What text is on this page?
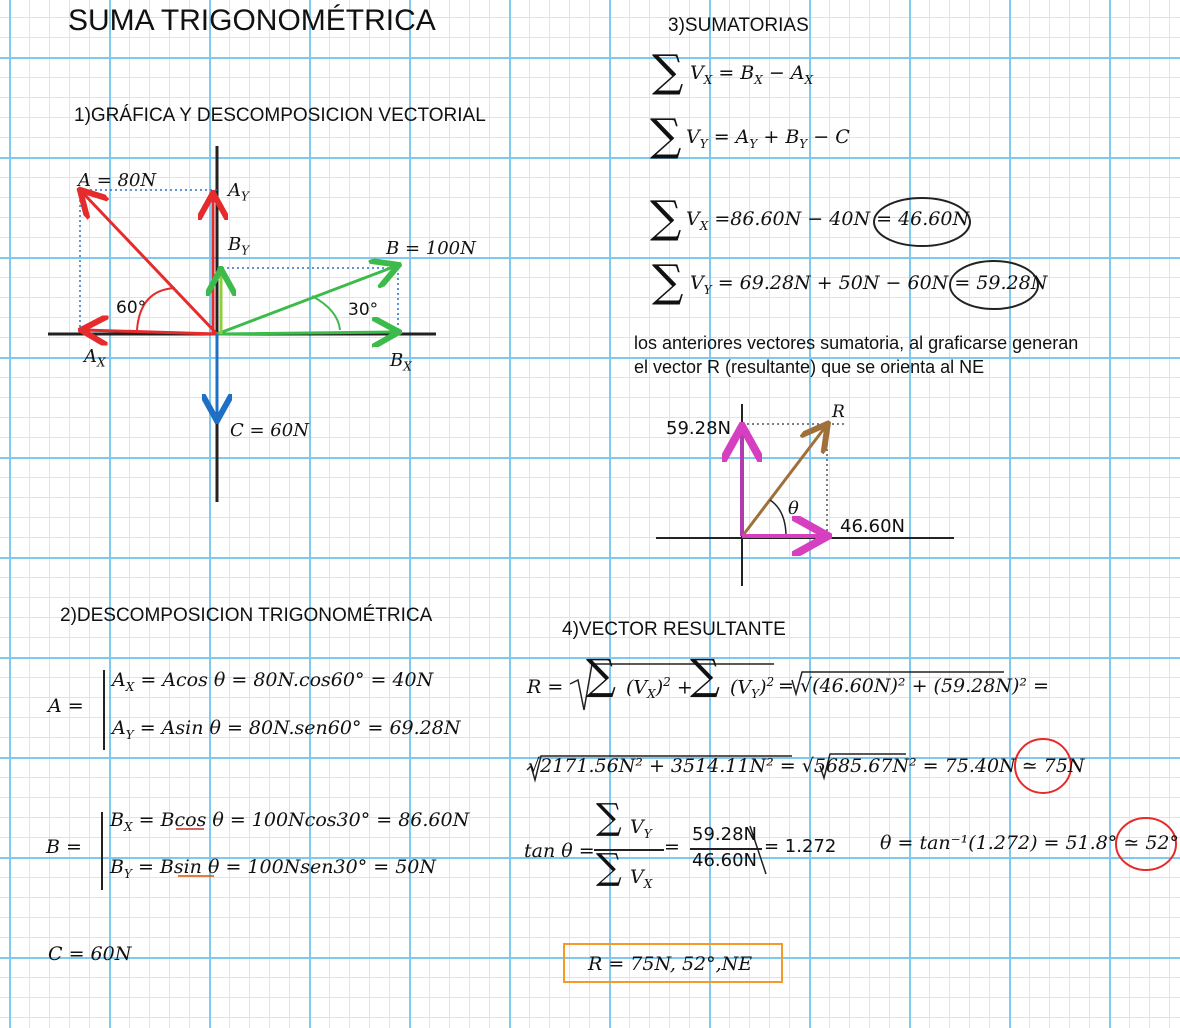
SUMA TRIGONOMÉTRICA
1)GRÁFICA Y DESCOMPOSICION VECTORIAL
A = 80N	$A_Y$
$B_Y$	B = 100N
60°	30°
$A_X$	$B_X$
C = 60N
2)DESCOMPOSICION TRIGONOMÉTRICA
A =
$A_X = Acos$ θ = 80N.cos60° = 40N
$A_Y = Asin$ θ = 80N.sen60° = 69.28N
B =
$B_X = Bcos$ θ = 100Ncos30° = 86.60N
$B_Y = Bsin$ θ = 100Nsen30° = 50N
C = 60N
3)SUMATORIAS
∑ $V_X = B_X - A_X$
∑ $V_Y = A_Y + B_Y - C$
∑ $V_X =86.60N - 40N = 46.60N$
∑ $V_Y = 69.28N + 50N - 60N = 59.28N$
los anteriores vectores sumatoria, al graficarse generan
el vector R (resultante) que se orienta al NE
59.28N
R
θ
46.60N
4)VECTOR RESULTANTE
R = ∑ $(V_X)^2$ +
∑ $(V_Y)^2 = √(46.60N)^2 + (59.28N)^2$ =
√2171.56N² + 3514.11N² = √5685.67N² = 75.40N ≃ 75N
tan θ =
∑ $V_Y$
∑ $V_X$
=
59.28N
46.60N
= 1.272 θ = tan⁻¹(1.272) = 51.8° ≃ 52°
R = 75N, 52°,NE
